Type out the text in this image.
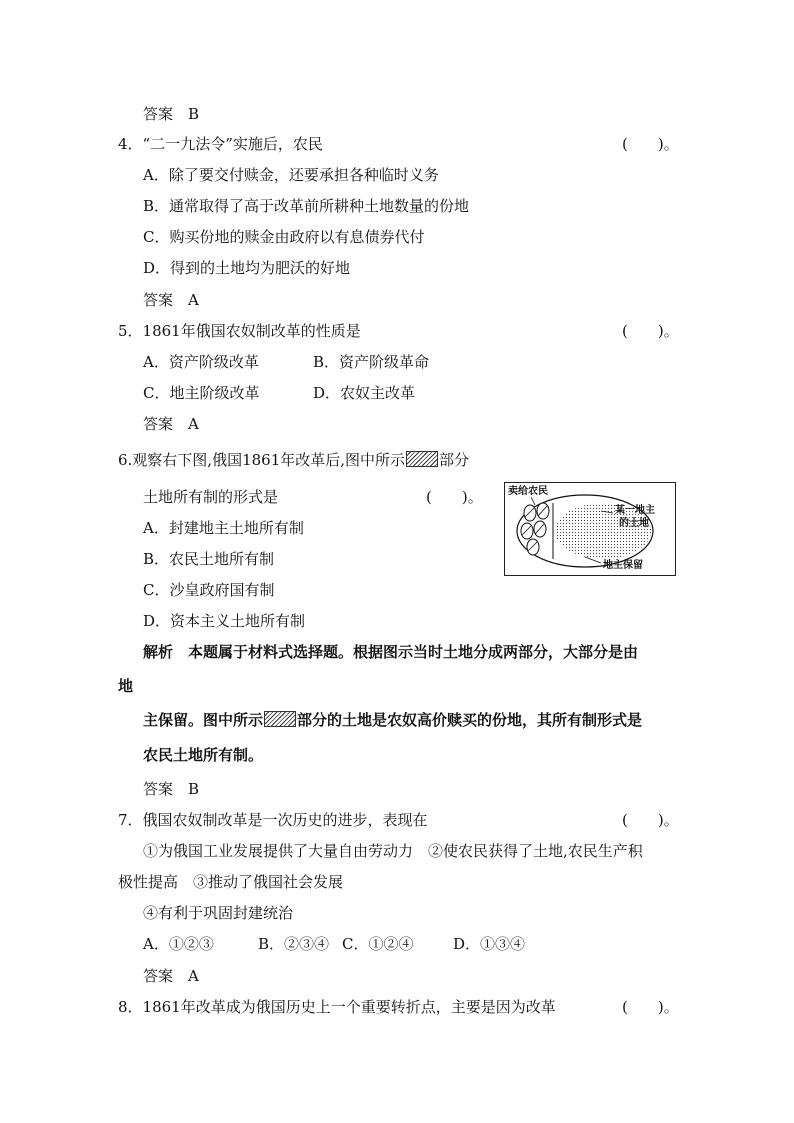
答案　B
4．“二一九法令”实施后，农民	(　　)。
A．除了要交付赎金，还要承担各种临时义务
B．通常取得了高于改革前所耕种土地数量的份地
C．购买份地的赎金由政府以有息债券代付
D．得到的土地均为肥沃的好地
答案　A
5．1861年俄国农奴制改革的性质是	(　　)。
A．资产阶级改革	B．资产阶级革命
C．地主阶级改革	D．农奴主改革
答案　A
6.观察右下图,俄国1861年改革后,图中所示 部分
土地所有制的形式是	(　　)。
A．封建地主土地所有制
B．农民土地所有制
C．沙皇政府国有制
D．资本主义土地所有制
卖给农民
某一地主
的土地
地主保留
解析　本题属于材料式选择题。根据图示当时土地分成两部分，大部分是由
地
主保留。图中所示 部分的土地是农奴高价赎买的份地，其所有制形式是
农民土地所有制。
答案　B
7．俄国农奴制改革是一次历史的进步，表现在	(　　)。
①为俄国工业发展提供了大量自由劳动力　②使农民获得了土地,农民生产积
极性提高　③推动了俄国社会发展
④有利于巩固封建统治
A．①②③	B．②③④ C．①②④	D．①③④
答案　A
8．1861年改革成为俄国历史上一个重要转折点，主要是因为改革	(　　)。
